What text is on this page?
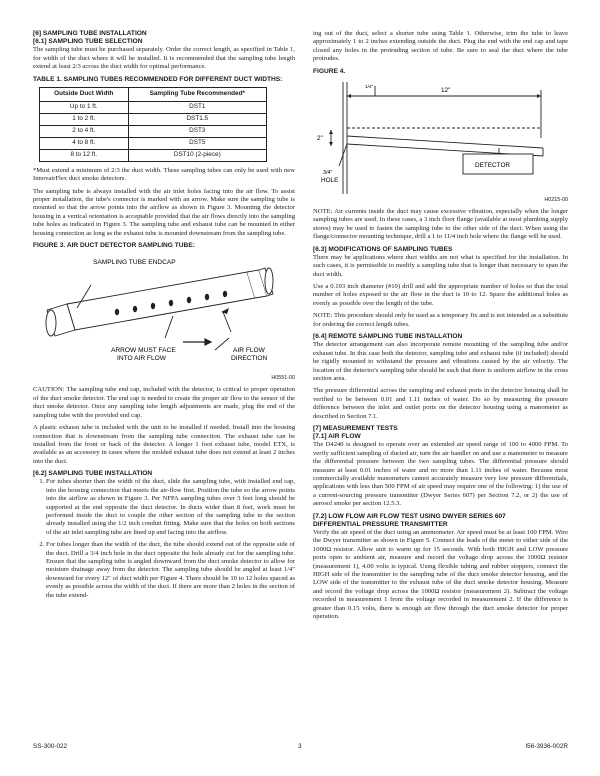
[6] SAMPLING TUBE INSTALLATION
[6.1] SAMPLING TUBE SELECTION

The sampling tube must be purchased separately. Order the correct length, as specified in Table 1, for width of the duct where it will be installed. It is recommended that the sampling tube length extend at least 2/3 across the duct width for optimal performance.

TABLE 1. SAMPLING TUBES RECOMMENDED FOR DIFFERENT DUCT WIDTHS:
Outside Duct Width	Sampling Tube Recommended*
Up to 1 ft.	DST1
1 to 2 ft.	DST1.5
2 to 4 ft.	DST3
4 to 8 ft.	DST5
8 to 12 ft.	DST10 (2-piece)

*Must extend a minimum of 2/3 the duct width. These sampling tubes can only be used with new InnovairFlex duct smoke detectors.

The sampling tube is always installed with the air inlet holes facing into the air flow. To assist proper installation, the tube's connector is marked with an arrow. Make sure the sampling tube is mounted so that the arrow points into the airflow as shown in Figure 3. Mounting the detector housing in a vertical orientation is acceptable provided that the air flows directly into the sampling tube holes as indicated in Figure 3. The sampling tube and exhaust tube can be mounted in either housing connection as long as the exhaust tube is mounted downstream from the sampling tube.

FIGURE 3. AIR DUCT DETECTOR SAMPLING TUBE:
SAMPLING TUBE ENDCAP
ARROW MUST FACE
INTO AIR FLOW
AIR FLOW
DIRECTION
H0551-00

CAUTION: The sampling tube end cap, included with the detector, is critical to proper operation of the duct smoke detector. The end cap is needed to create the proper air flow to the sensor of the duct smoke detector. Once any sampling tube length adjustments are made, plug the end of the sampling tube with the provided end cap.

A plastic exhaust tube is included with the unit to be installed if needed. Install into the housing connection that is downstream from the sampling tube connection. The exhaust tube can be installed from the front or back of the detector. A longer 1 foot exhaust tube, model ETX, is available as an accessory in cases where the molded exhaust tube does not extend at least 2 inches into the duct.

[6.2] SAMPLING TUBE INSTALLATION
1. For tubes shorter than the width of the duct, slide the sampling tube, with installed end cap, into the housing connection that meets the air-flow first. Position the tube so the arrow points into the airflow as shown in Figure 3. Per NFPA sampling tubes over 3 feet long should be supported at the end opposite the duct detector. In ducts wider than 8 feet, work must be performed inside the duct to couple the other section of the sampling tube to the section already installed using the 1/2 inch conduit fitting. Make sure that the holes on both sections of the air inlet sampling tube are lined up and facing into the airflow.
2. For tubes longer than the width of the duct, the tube should extend out of the opposite side of the duct. Drill a 3/4 inch hole in the duct opposite the hole already cut for the sampling tube. Ensure that the sampling tube is angled downward from the duct smoke detector to allow for moisture drainage away from the detector. The sampling tube should be angled at least 1/4" downward for every 12" of duct width per Figure 4. There should be 10 to 12 holes spaced as evenly as possible across the width of the duct. If there are more than 2 holes in the section of the tube extend-

ing out of the duct, select a shorter tube using Table 1. Otherwise, trim the tube to leave approximately 1 to 2 inches extending outside the duct. Plug the end with the end cap and tape closed any holes in the protruding section of tube. Be sure to seal the duct where the tube protrudes.

FIGURE 4.
12"
1/4"
2"
3/4"
HOLE
DETECTOR
H0215-00

NOTE: Air currents inside the duct may cause excessive vibration, especially when the longer sampling tubes are used. In these cases, a 3 inch floor flange (available at most plumbing supply stores) may be used to fasten the sampling tube to the other side of the duct. When using the flange/connector mounting technique, drill a 1 to 11/4 inch hole where the flange will be used.

[6.3] MODIFICATIONS OF SAMPLING TUBES

There may be applications where duct widths are not what is specified for the installation. In such cases, it is permissible to modify a sampling tube that is longer than necessary to span the duct width.

Use a 0.193 inch diameter (#10) drill and add the appropriate number of holes so that the total number of holes exposed to the air flow in the duct is 10 to 12. Space the additional holes as evenly as possible over the length of the tube.

NOTE: This procedure should only be used as a temporary fix and is not intended as a substitute for ordering the correct length tubes.

[6.4] REMOTE SAMPLING TUBE INSTALLATION

The detector arrangement can also incorporate remote mounting of the sampling tube and/or exhaust tube. In this case both the detector, sampling tube and exhaust tube (if included) should be rigidly mounted to withstand the pressure and vibrations caused by the air velocity. The location of the detector's sampling tube should be such that there is uniform airflow in the cross section area.

The pressure differential across the sampling and exhaust ports in the detector housing shall be verified to be between 0.01 and 1.11 inches of water. Do so by measuring the pressure difference between the inlet and outlet ports on the detector housing using a manometer as described in Section 7.1.

[7] MEASUREMENT TESTS
[7.1] AIR FLOW

The D4240 is designed to operate over an extended air speed range of 100 to 4000 FPM. To verify sufficient sampling of ducted air, turn the air handler on and use a manometer to measure the differential pressure between the two sampling tubes. The differential pressure should measure at least 0.01 inches of water and no more than 1.11 inches of water. Because most commercially available manometers cannot accurately measure very low pressure differentials, applications with less than 500 FPM of air speed may require one of the following: 1) the use of a current-sourcing pressure transmitter (Dwyer Series 607) per Section 7.2, or 2) the use of aerosol smoke per section 12.5.3.

[7.2] LOW FLOW AIR FLOW TEST USING DWYER SERIES 607
DIFFERENTIAL PRESSURE TRANSMITTER

Verify the air speed of the duct using an anemometer. Air speed must be at least 100 FPM. Wire the Dwyer transmitter as shown in Figure 5. Connect the leads of the meter to either side of the 1000Ω resistor. Allow unit to warm up for 15 seconds. With both HIGH and LOW pressure ports open to ambient air, measure and record the voltage drop across the 1000Ω resistor (measurement 1), 4.00 volts is typical. Using flexible tubing and rubber stoppers, connect the HIGH side of the transmitter to the sampling tube of the duct smoke detector housing, and the LOW side of the transmitter to the exhaust tube of the duct smoke detector housing. Measure and record the voltage drop across the 1000Ω resistor (measurement 2). Subtract the voltage recorded in measurement 1 from the voltage recorded in measurement 2. If the difference is greater than 0.15 volts, there is enough air flow through the duct smoke detector for proper operation.

SS-300-022	3	I56-3936-002R
